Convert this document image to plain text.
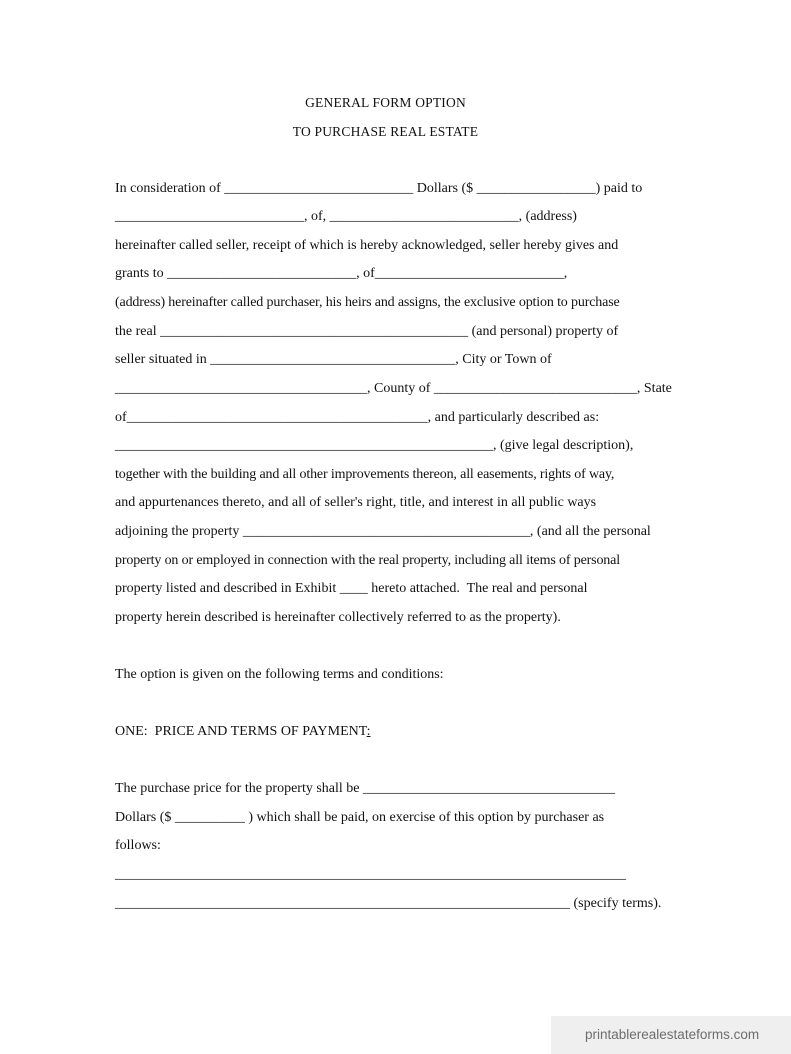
GENERAL FORM OPTION
TO PURCHASE REAL ESTATE
In consideration of ___________________________ Dollars ($ _________________) paid to
___________________________, of, ___________________________, (address)
hereinafter called seller, receipt of which is hereby acknowledged, seller hereby gives and
grants to ___________________________, of___________________________,
(address) hereinafter called purchaser, his heirs and assigns, the exclusive option to purchase
the real ____________________________________________ (and personal) property of
seller situated in ___________________________________, City or Town of
____________________________________, County of _____________________________, State
of___________________________________________, and particularly described as:
______________________________________________________, (give legal description),
together with the building and all other improvements thereon, all easements, rights of way,
and appurtenances thereto, and all of seller's right, title, and interest in all public ways
adjoining the property _________________________________________, (and all the personal
property on or employed in connection with the real property, including all items of personal
property listed and described in Exhibit ____ hereto attached.  The real and personal
property herein described is hereinafter collectively referred to as the property).
The option is given on the following terms and conditions:
ONE:  PRICE AND TERMS OF PAYMENT:
The purchase price for the property shall be ____________________________________
Dollars ($ __________ ) which shall be paid, on exercise of this option by purchaser as
follows:
_________________________________________________________________________
_________________________________________________________________ (specify terms).
printablerealestateforms.com
